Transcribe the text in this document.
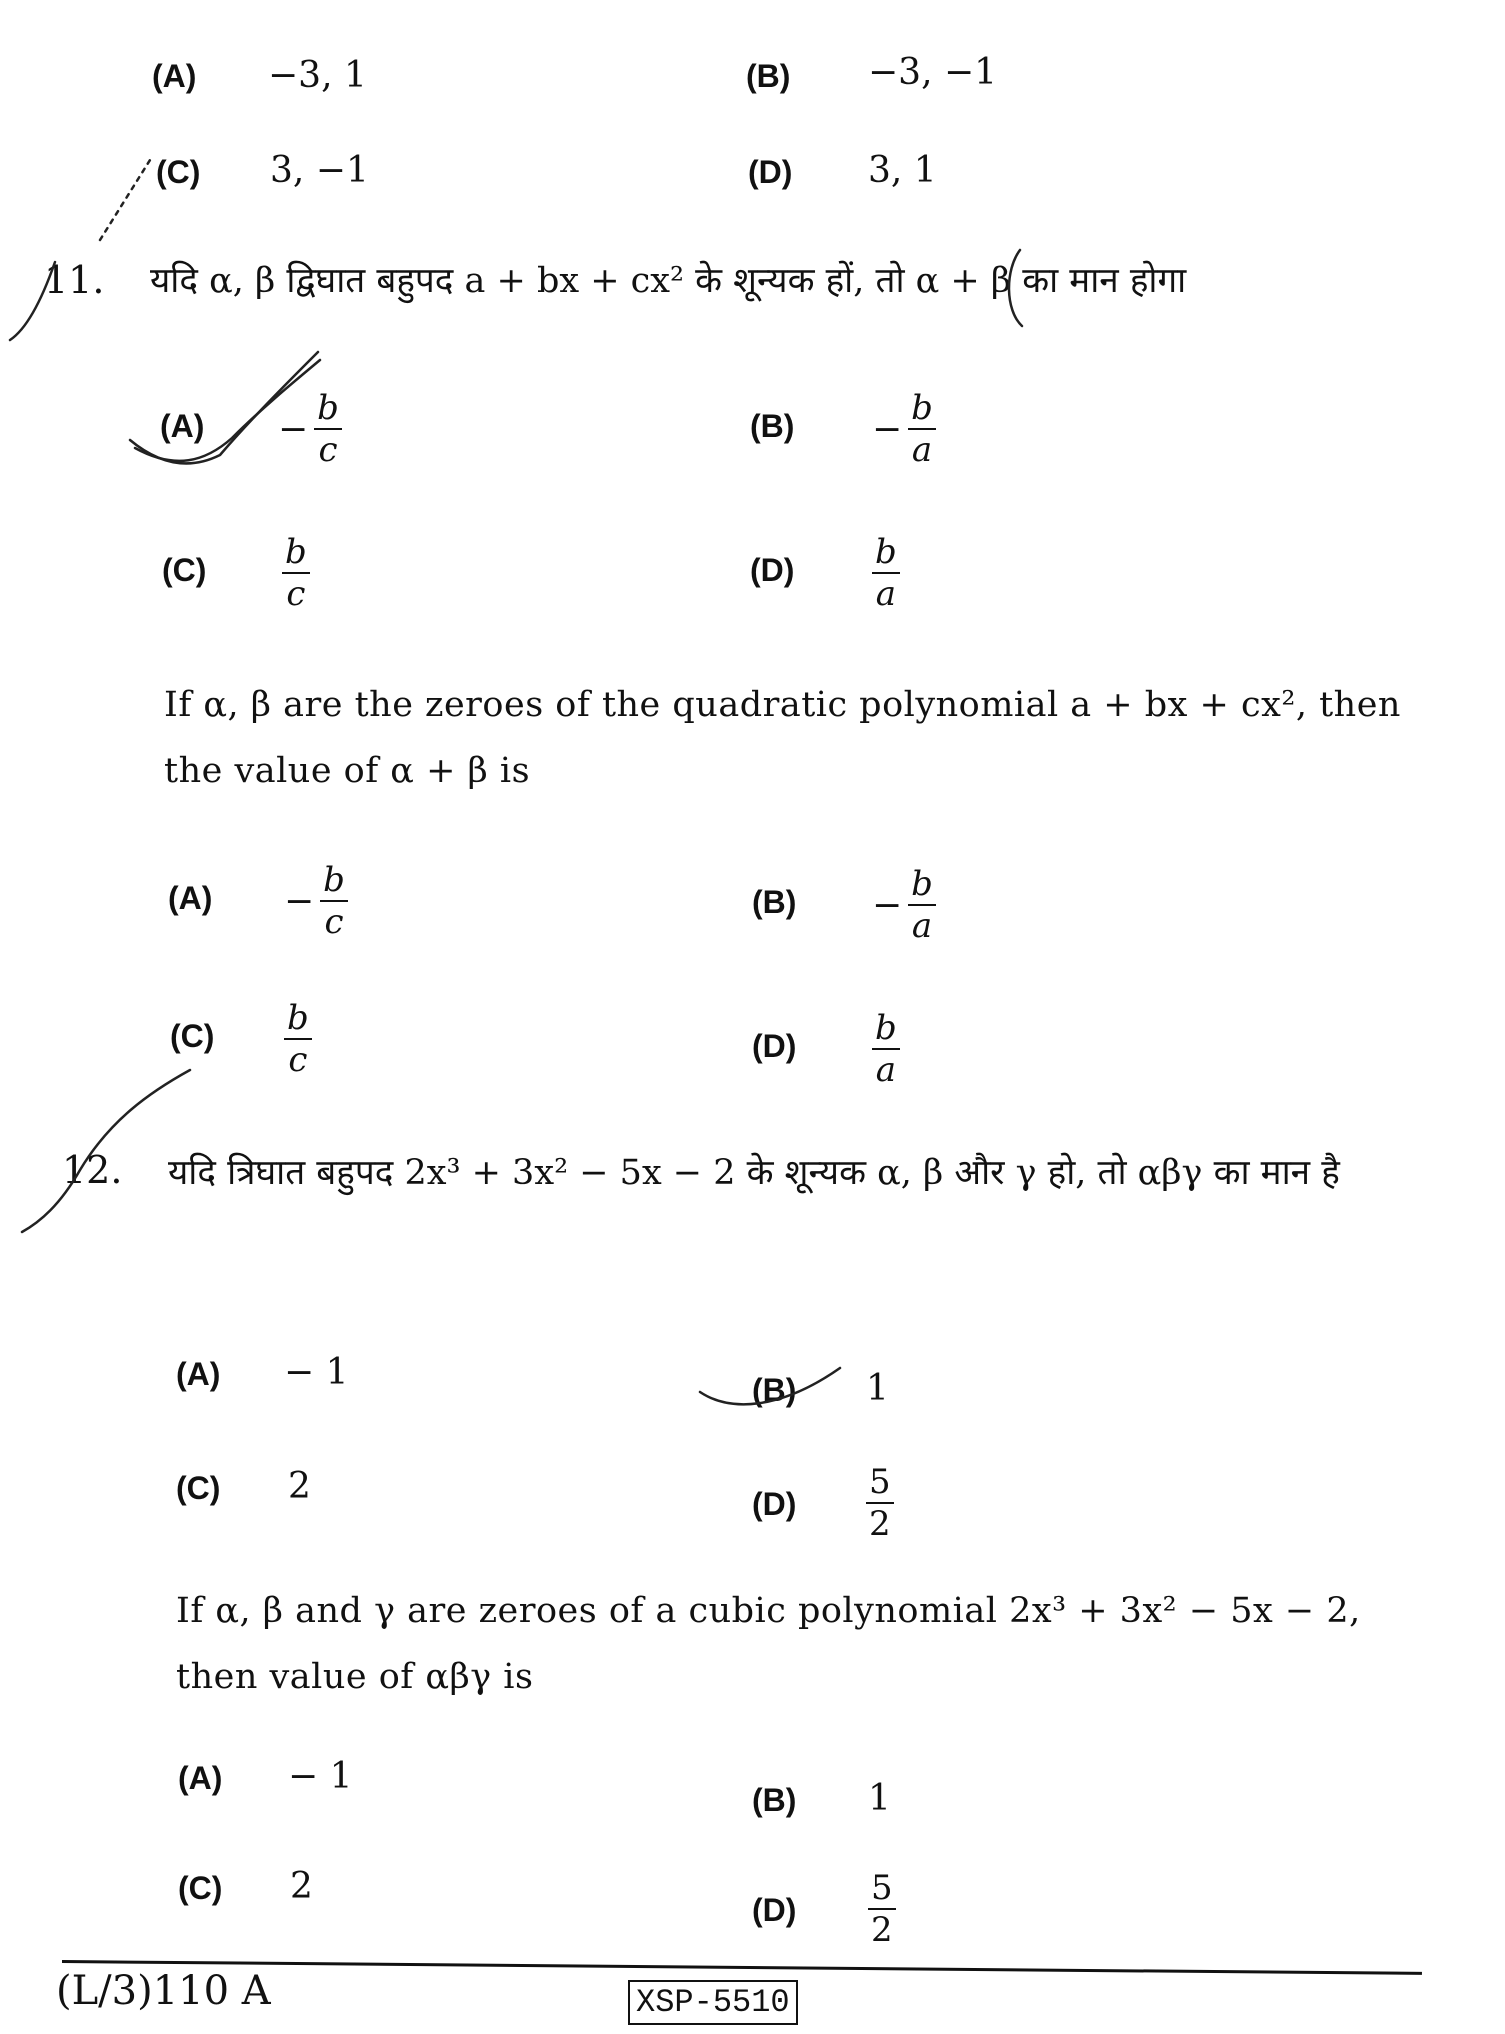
(A) −3, 1	(B) −3, −1
(C) 3, −1	(D) 3, 1
11. यदि α, β द्विघात बहुपद a + bx + cx² के शून्यक हों, तो α + β का मान होगा
$(A) - \frac{b}{c}$	$(B) - \frac{b}{a}$
$(C) \frac{b}{c}$	$(D) \frac{b}{a}$
If α, β are the zeroes of the quadratic polynomial a + bx + cx², then the value of α + β is
$(A) - \frac{b}{c}$	$(B) - \frac{b}{a}$
$(C) \frac{b}{c}$	$(D) \frac{b}{a}$
12. यदि त्रिघात बहुपद 2x³ + 3x² − 5x − 2 के शून्यक α, β और γ हो, तो αβγ का मान है
(A) − 1	(B) 1
(C) 2	$(D) \frac{5}{2}$
If α, β and γ are zeroes of a cubic polynomial 2x³ + 3x² − 5x − 2, then value of αβγ is
(A) − 1
(B) 1
(C) 2
$(D) \frac{5}{2}$
(L/3)110 A	XSP-5510
